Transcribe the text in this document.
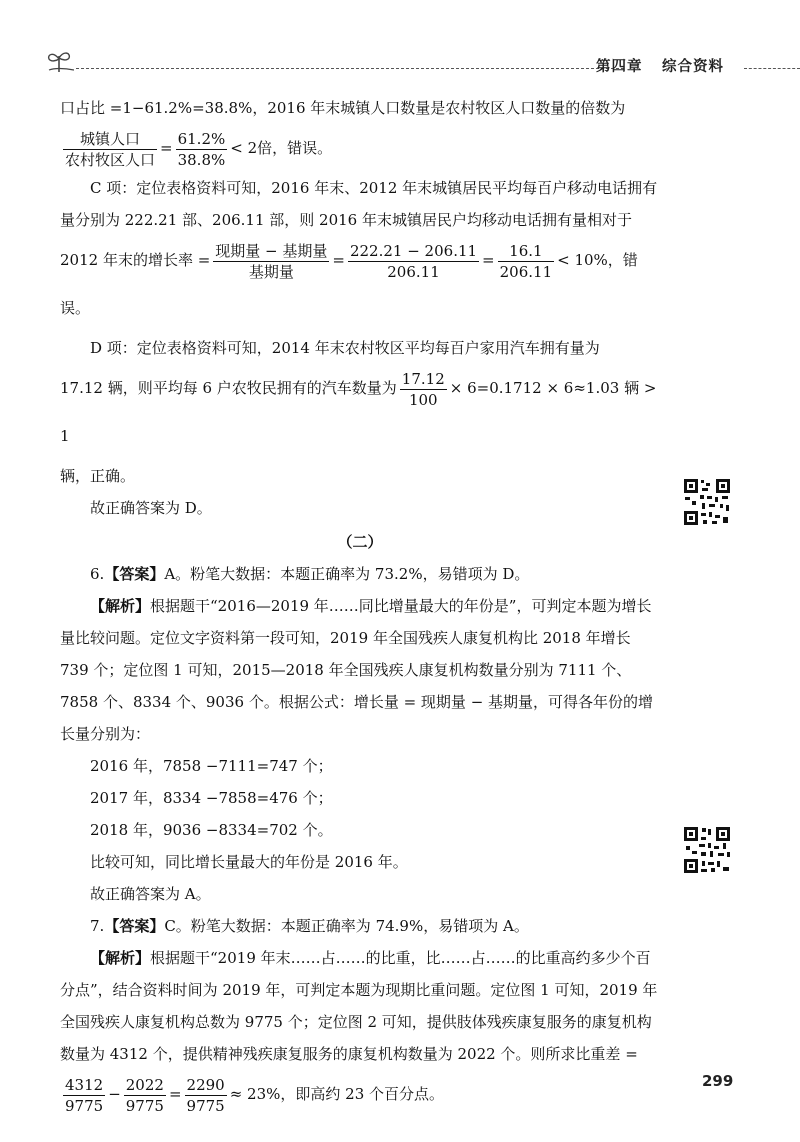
第四章 综合资料

口占比 =1−61.2%=38.8%，2016 年末城镇人口数量是农村牧区人口数量的倍数为

$\frac{\text{城镇人口}}{\text{农村牧区人口}} = \frac{61.2\%}{38.8\%} < 2$倍，错误。

C 项：定位表格资料可知，2016 年末、2012 年末城镇居民平均每百户移动电话拥有量分别为 222.21 部、206.11 部，则 2016 年末城镇居民户均移动电话拥有量相对于

2012 年末的增长率 = $\frac{\text{现期量 − 基期量}}{\text{基期量}} = \frac{222.21 - 206.11}{206.11} = \frac{16.1}{206.11} < 10\%$，错误。

D 项：定位表格资料可知，2014 年末农村牧区平均每百户家用汽车拥有量为

17.12 辆，则平均每 6 户农牧民拥有的汽车数量为 $\frac{17.12}{100} \times 6=0.1712 \times 6\approx 1.03$ 辆 > 1

辆，正确。

故正确答案为 D。

（二）

6.【答案】A。粉笔大数据：本题正确率为 73.2%，易错项为 D。

【解析】根据题干“2016—2019 年……同比增量最大的年份是”，可判定本题为增长量比较问题。定位文字资料第一段可知，2019 年全国残疾人康复机构比 2018 年增长 739 个；定位图 1 可知，2015—2018 年全国残疾人康复机构数量分别为 7111 个、7858 个、8334 个、9036 个。根据公式：增长量 = 现期量 − 基期量，可得各年份的增长量分别为：

2016 年，7858 −7111=747 个；

2017 年，8334 −7858=476 个；

2018 年，9036 −8334=702 个。

比较可知，同比增长量最大的年份是 2016 年。

故正确答案为 A。

7.【答案】C。粉笔大数据：本题正确率为 74.9%，易错项为 A。

【解析】根据题干“2019 年末……占……的比重，比……占……的比重高约多少个百分点”，结合资料时间为 2019 年，可判定本题为现期比重问题。定位图 1 可知，2019 年全国残疾人康复机构总数为 9775 个；定位图 2 可知，提供肢体残疾康复服务的康复机构数量为 4312 个，提供精神残疾康复服务的康复机构数量为 2022 个。则所求比重差 =

$\frac{4312}{9775} - \frac{2022}{9775} = \frac{2290}{9775} \approx 23\%$，即高约 23 个百分点。

299
